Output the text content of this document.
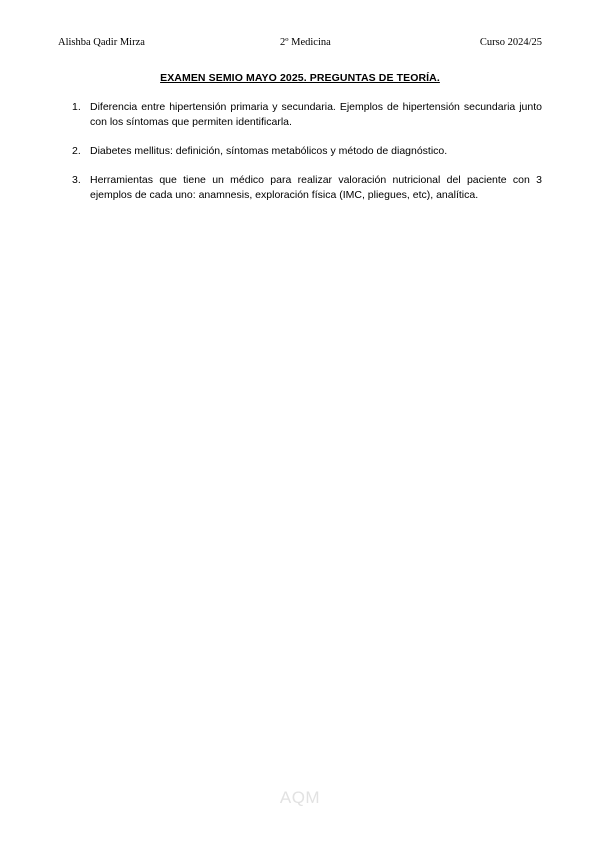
Alishba Qadir Mirza	2º Medicina	Curso 2024/25
EXAMEN SEMIO MAYO 2025. PREGUNTAS DE TEORÍA.
1. Diferencia entre hipertensión primaria y secundaria. Ejemplos de hipertensión secundaria junto con los síntomas que permiten identificarla.
2. Diabetes mellitus: definición, síntomas metabólicos y método de diagnóstico.
3. Herramientas que tiene un médico para realizar valoración nutricional del paciente con 3 ejemplos de cada uno: anamnesis, exploración física (IMC, pliegues, etc), analítica.
AQM
